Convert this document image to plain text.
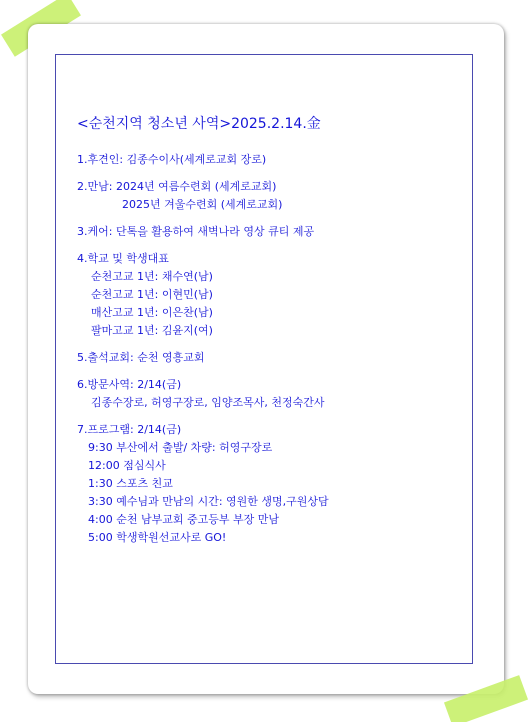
<순천지역 청소년 사역>2025.2.14.金
1.후견인: 김종수이사(세계로교회 장로)
2.만남: 2024년 여름수련회 (세계로교회)
2025년 겨울수련회 (세계로교회)
3.케어: 단톡을 활용하여 새벽나라 영상 큐티 제공
4.학교 및 학생대표
순천고교 1년: 채수연(남)
순천고교 1년: 이현민(남)
매산고교 1년: 이은찬(남)
팔마고교 1년: 김윤지(여)
5.출석교회: 순천 영흥교회
6.방문사역: 2/14(금)
김종수장로, 허영구장로, 임양조목사, 천정숙간사
7.프로그램: 2/14(금)
9:30 부산에서 출발/ 차량: 허영구장로
12:00 점심식사
1:30 스포츠 친교
3:30 예수님과 만남의 시간: 영원한 생명,구원상담
4:00 순천 남부교회 중고등부 부장 만남
5:00 학생학원선교사로 GO!
